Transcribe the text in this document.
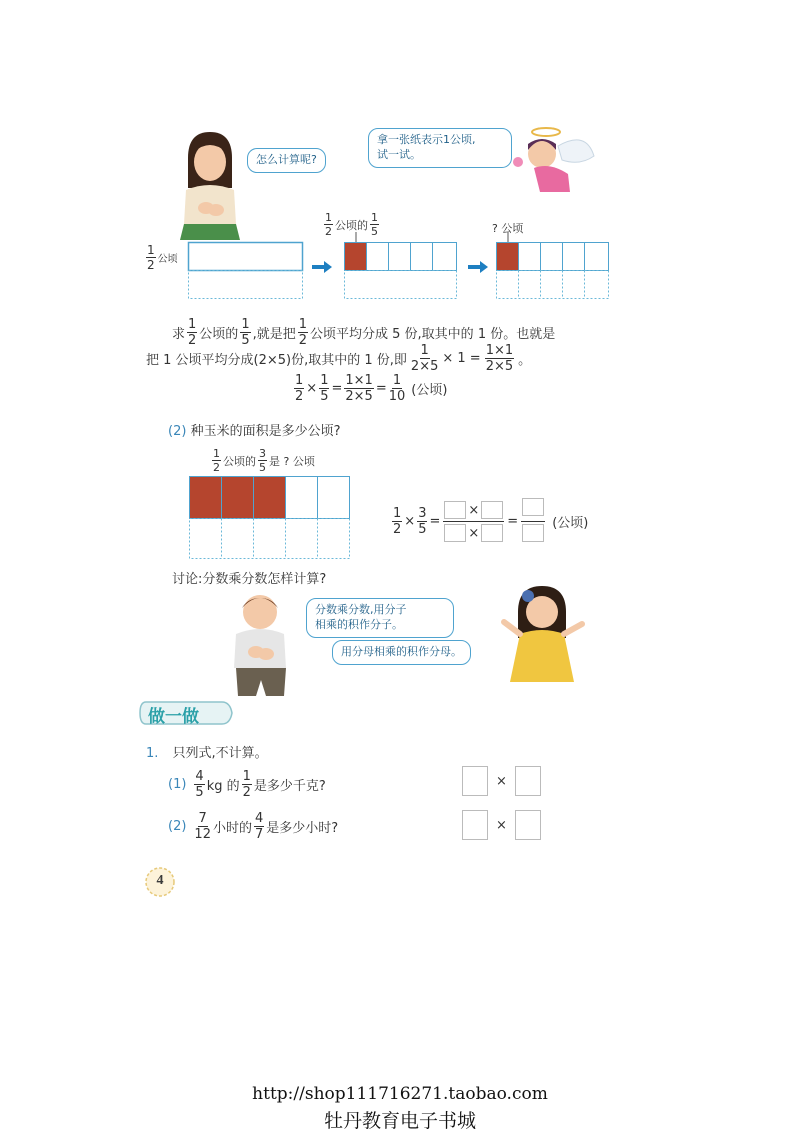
怎么计算呢?
拿一张纸表示1公顷,
试一试。
$\frac{1}{2}$ 公顷
$\frac{1}{2}$ 公顷的 $\frac{1}{5}$	? 公顷
求 $\frac{1}{2}$ 公顷的 $\frac{1}{5}$ ,就是把 $\frac{1}{2}$ 公顷平均分成 5 份,取其中的 1 份。也就是
把 1 公顷平均分成(2×5)份,取其中的 1 份,即 $\frac{1}{2\times 5} \times 1 = \frac{1\times 1}{2\times 5}$ 。
$\frac{1}{2} \times \frac{1}{5} = \frac{1\times 1}{2\times 5} = \frac{1}{10}$ (公顷)
(2) 种玉米的面积是多少公顷?
$\frac{1}{2}$ 公顷的 $\frac{3}{5}$ 是 ? 公顷
$\frac{1}{2} \times \frac{3}{5} = \frac{\times}{\times}$ =	(公顷)
讨论:分数乘分数怎样计算?
分数乘分数,用分子
相乘的积作分子。
用分母相乘的积作分母。
做一做
1. 只列式,不计算。
$(1) \frac{4}{5}$ kg 的 $\frac{1}{2}$ 是多少千克?	×
$(2) \frac{7}{12}$ 小时的 $\frac{4}{7}$ 是多少小时?	×
4
http://shop111716271.taobao.com
牡丹教育电子书城
